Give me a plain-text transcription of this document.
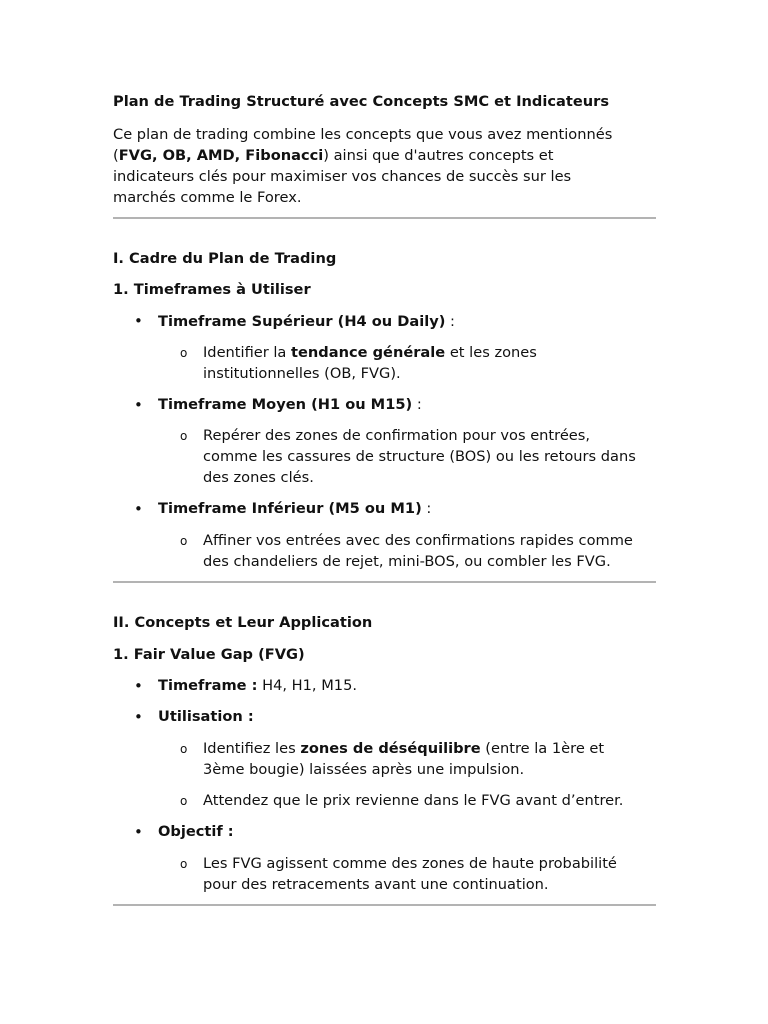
Plan de Trading Structuré avec Concepts SMC et Indicateurs
Ce plan de trading combine les concepts que vous avez mentionnés
(FVG, OB, AMD, Fibonacci) ainsi que d'autres concepts et
indicateurs clés pour maximiser vos chances de succès sur les
marchés comme le Forex.
I. Cadre du Plan de Trading
1. Timeframes à Utiliser
• Timeframe Supérieur (H4 ou Daily) :
o Identifier la tendance générale et les zones
institutionnelles (OB, FVG).
• Timeframe Moyen (H1 ou M15) :
o Repérer des zones de confirmation pour vos entrées,
comme les cassures de structure (BOS) ou les retours dans
des zones clés.
• Timeframe Inférieur (M5 ou M1) :
o Affiner vos entrées avec des confirmations rapides comme
des chandeliers de rejet, mini-BOS, ou combler les FVG.
II. Concepts et Leur Application
1. Fair Value Gap (FVG)
• Timeframe : H4, H1, M15.
• Utilisation :
o Identifiez les zones de déséquilibre (entre la 1ère et
3ème bougie) laissées après une impulsion.
o Attendez que le prix revienne dans le FVG avant d’entrer.
• Objectif :
o Les FVG agissent comme des zones de haute probabilité
pour des retracements avant une continuation.
